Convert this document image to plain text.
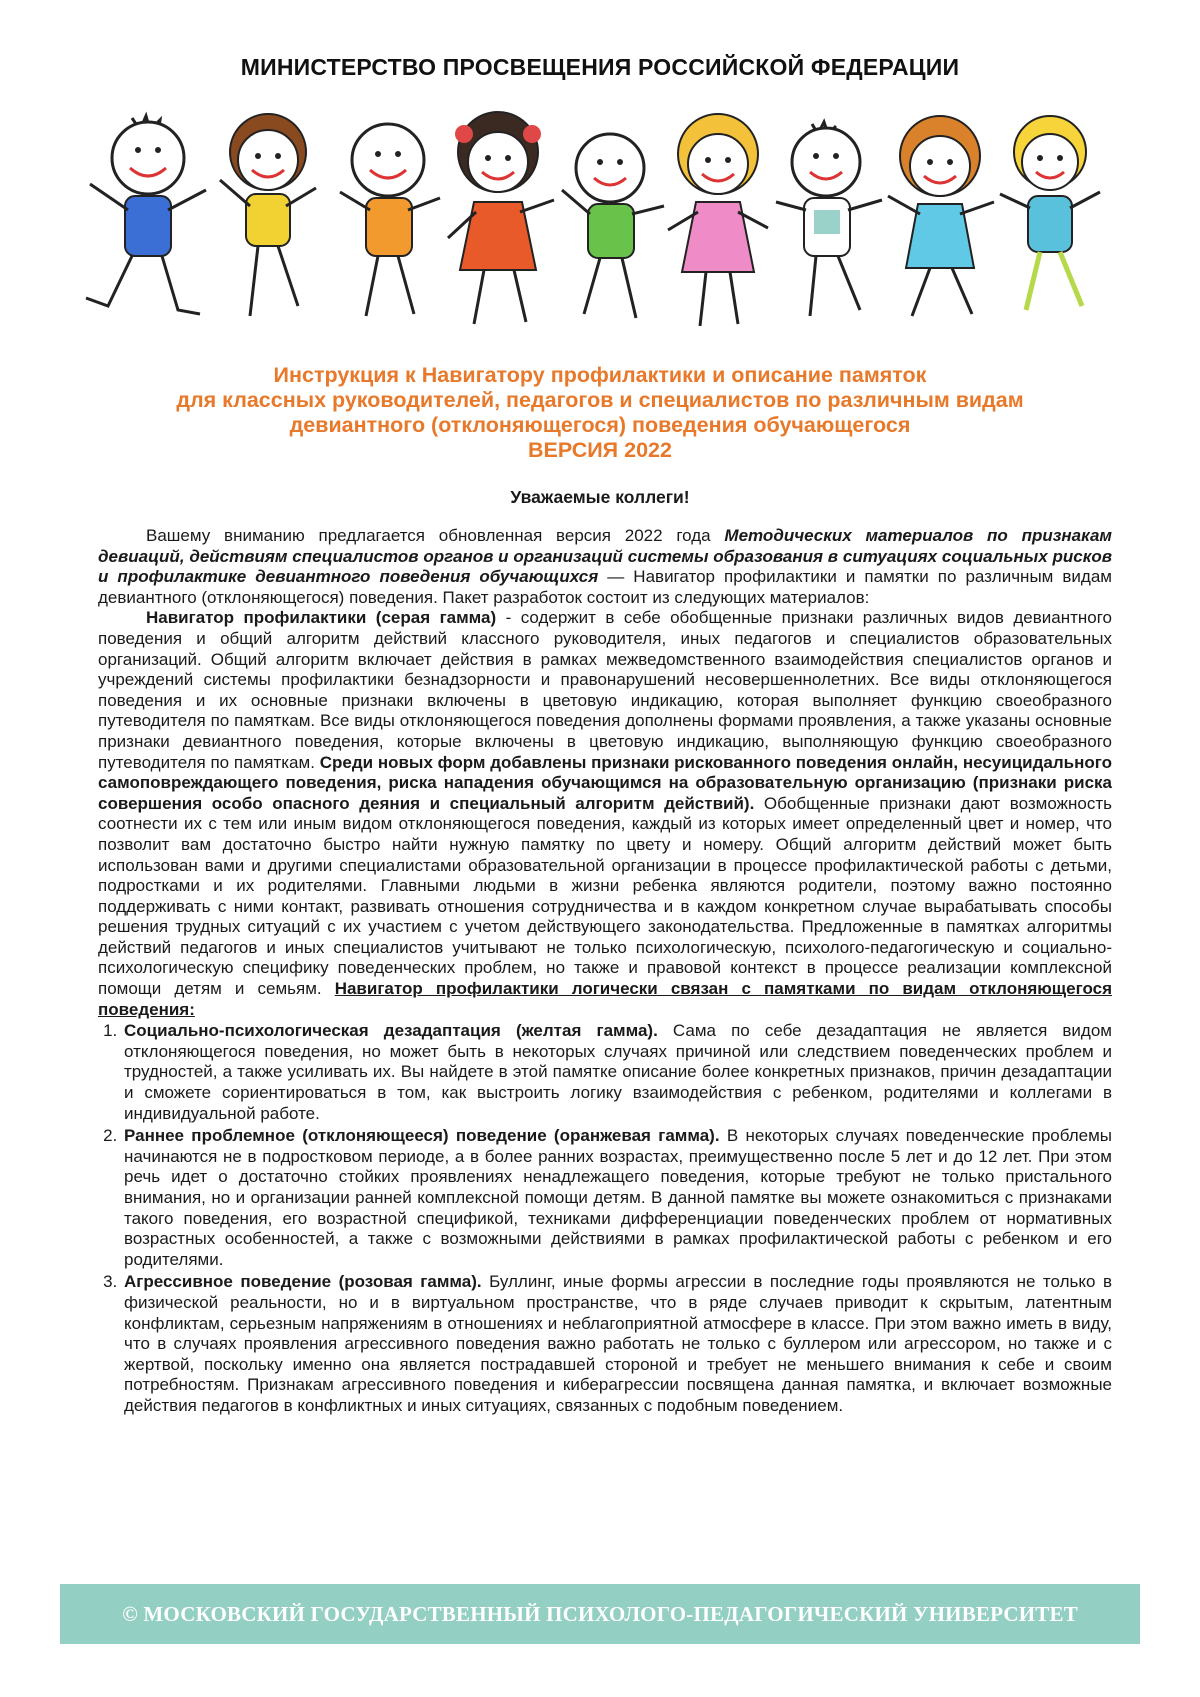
МИНИСТЕРСТВО ПРОСВЕЩЕНИЯ РОССИЙСКОЙ ФЕДЕРАЦИИ
Инструкция к Навигатору профилактики и описание памяток
для классных руководителей, педагогов и специалистов по различным видам
девиантного (отклоняющегося) поведения обучающегося
ВЕРСИЯ 2022
Уважаемые коллеги!

Вашему вниманию предлагается обновленная версия 2022 года Методических материалов по признакам девиаций, действиям специалистов органов и организаций системы образования в ситуациях социальных рисков и профилактике девиантного поведения обучающихся — Навигатор профилактики и памятки по различным видам девиантного (отклоняющегося) поведения. Пакет разработок состоит из следующих материалов:

Навигатор профилактики (серая гамма) - содержит в себе обобщенные признаки различных видов девиантного поведения и общий алгоритм действий классного руководителя, иных педагогов и специалистов образовательных организаций. Общий алгоритм включает действия в рамках межведомственного взаимодействия специалистов органов и учреждений системы профилактики безнадзорности и правонарушений несовершеннолетних. Все виды отклоняющегося поведения и их основные признаки включены в цветовую индикацию, которая выполняет функцию своеобразного путеводителя по памяткам. Все виды отклоняющегося поведения дополнены формами проявления, а также указаны основные признаки девиантного поведения, которые включены в цветовую индикацию, выполняющую функцию своеобразного путеводителя по памяткам. Среди новых форм добавлены признаки рискованного поведения онлайн, несуицидального самоповреждающего поведения, риска нападения обучающимся на образовательную организацию (признаки риска совершения особо опасного деяния и специальный алгоритм действий). Обобщенные признаки дают возможность соотнести их с тем или иным видом отклоняющегося поведения, каждый из которых имеет определенный цвет и номер, что позволит вам достаточно быстро найти нужную памятку по цвету и номеру. Общий алгоритм действий может быть использован вами и другими специалистами образовательной организации в процессе профилактической работы с детьми, подростками и их родителями. Главными людьми в жизни ребенка являются родители, поэтому важно постоянно поддерживать с ними контакт, развивать отношения сотрудничества и в каждом конкретном случае вырабатывать способы решения трудных ситуаций с их участием с учетом действующего законодательства. Предложенные в памятках алгоритмы действий педагогов и иных специалистов учитывают не только психологическую, психолого-педагогическую и социально-психологическую специфику поведенческих проблем, но также и правовой контекст в процессе реализации комплексной помощи детям и семьям. Навигатор профилактики логически связан с памятками по видам отклоняющегося поведения:

1. Социально-психологическая дезадаптация (желтая гамма). Сама по себе дезадаптация не является видом отклоняющегося поведения, но может быть в некоторых случаях причиной или следствием поведенческих проблем и трудностей, а также усиливать их. Вы найдете в этой памятке описание более конкретных признаков, причин дезадаптации и сможете сориентироваться в том, как выстроить логику взаимодействия с ребенком, родителями и коллегами в индивидуальной работе.
2. Раннее проблемное (отклоняющееся) поведение (оранжевая гамма). В некоторых случаях поведенческие проблемы начинаются не в подростковом периоде, а в более ранних возрастах, преимущественно после 5 лет и до 12 лет. При этом речь идет о достаточно стойких проявлениях ненадлежащего поведения, которые требуют не только пристального внимания, но и организации ранней комплексной помощи детям. В данной памятке вы можете ознакомиться с признаками такого поведения, его возрастной спецификой, техниками дифференциации поведенческих проблем от нормативных возрастных особенностей, а также с возможными действиями в рамках профилактической работы с ребенком и его родителями.
3. Агрессивное поведение (розовая гамма). Буллинг, иные формы агрессии в последние годы проявляются не только в физической реальности, но и в виртуальном пространстве, что в ряде случаев приводит к скрытым, латентным конфликтам, серьезным напряжениям в отношениях и неблагоприятной атмосфере в классе. При этом важно иметь в виду, что в случаях проявления агрессивного поведения важно работать не только с буллером или агрессором, но также и с жертвой, поскольку именно она является пострадавшей стороной и требует не меньшего внимания к себе и своим потребностям. Признакам агрессивного поведения и киберагрессии посвящена данная памятка, и включает возможные действия педагогов в конфликтных и иных ситуациях, связанных с подобным поведением.
© МОСКОВСКИЙ ГОСУДАРСТВЕННЫЙ ПСИХОЛОГО-ПЕДАГОГИЧЕСКИЙ УНИВЕРСИТЕТ
